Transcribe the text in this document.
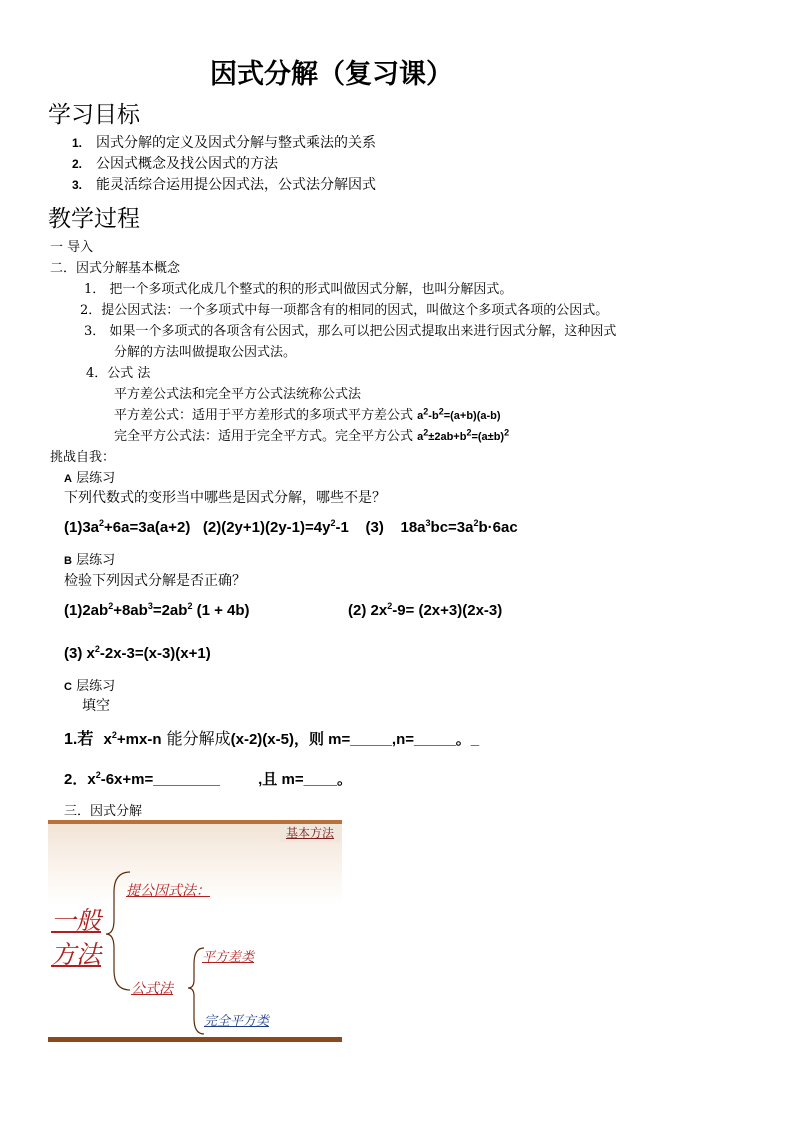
因式分解（复习课）
学习目标
1. 因式分解的定义及因式分解与整式乘法的关系
2. 公因式概念及找公因式的方法
3. 能灵活综合运用提公因式法，公式法分解因式
教学过程
一 导入
二．因式分解基本概念
1． 把一个多项式化成几个整式的积的形式叫做因式分解，也叫分解因式。
2．提公因式法：一个多项式中每一项都含有的相同的因式，叫做这个多项式各项的公因式。
3． 如果一个多项式的各项含有公因式，那么可以把公因式提取出来进行因式分解，这种因式
分解的方法叫做提取公因式法。
4．公式 法
平方差公式法和完全平方公式法统称公式法
平方差公式：适用于平方差形式的多项式平方差公式 $a^2-b^2=(a+b)(a-b)$
完全平方公式法：适用于完全平方式。完全平方公式 $a^2\pm 2ab+b^2=(a\pm b)^2$
挑战自我：
A 层练习
下列代数式的变形当中哪些是因式分解，哪些不是？
$(1)3a^2+6a=3a(a+2)$   $(2)(2y+1)(2y-1)=4y^2-1$    (3)    $18a^3bc=3a^2b\cdot 6ac$
B 层练习
检验下列因式分解是否正确？
$(1)2ab^2+8ab^3=2ab^2$ (1 + 4b)	(2) $2x^2-9= (2x+3)(2x-3)$
(3) $x^2-2x-3=(x-3)(x+1)$
C 层练习
填空
1.若 $x^2+mx-n$ 能分解成(x-2)(x-5)，则 m=_____,n=_____。_
2．$x^2-6x+m=\_\_\_\_\_\_\_\_$	,且 m=____。
三．因式分解
基本方法
一般
方法
提公因式法：
公式法
平方差类
完全平方类
